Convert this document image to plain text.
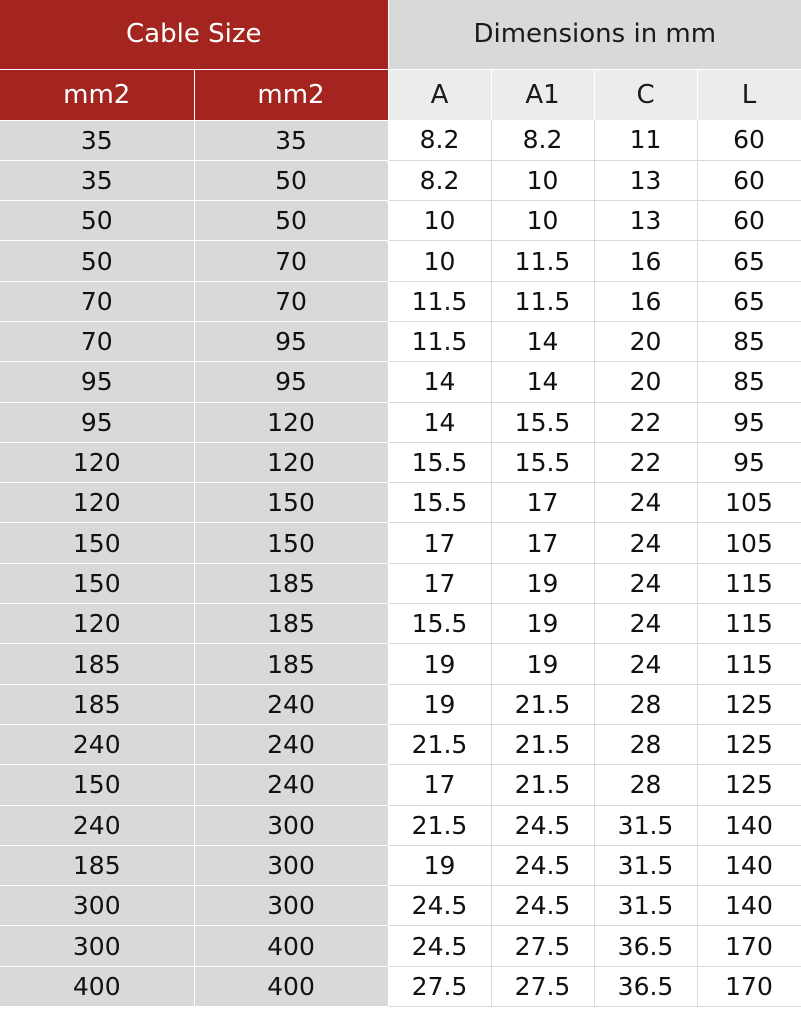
Cable Size		Dimensions in mm			
mm2	mm2	A	A1	C	L
35	35	8.2	8.2	11	60
35	50	8.2	10	13	60
50	50	10	10	13	60
50	70	10	11.5	16	65
70	70	11.5	11.5	16	65
70	95	11.5	14	20	85
95	95	14	14	20	85
95	120	14	15.5	22	95
120	120	15.5	15.5	22	95
120	150	15.5	17	24	105
150	150	17	17	24	105
150	185	17	19	24	115
120	185	15.5	19	24	115
185	185	19	19	24	115
185	240	19	21.5	28	125
240	240	21.5	21.5	28	125
150	240	17	21.5	28	125
240	300	21.5	24.5	31.5	140
185	300	19	24.5	31.5	140
300	300	24.5	24.5	31.5	140
300	400	24.5	27.5	36.5	170
400	400	27.5	27.5	36.5	170
